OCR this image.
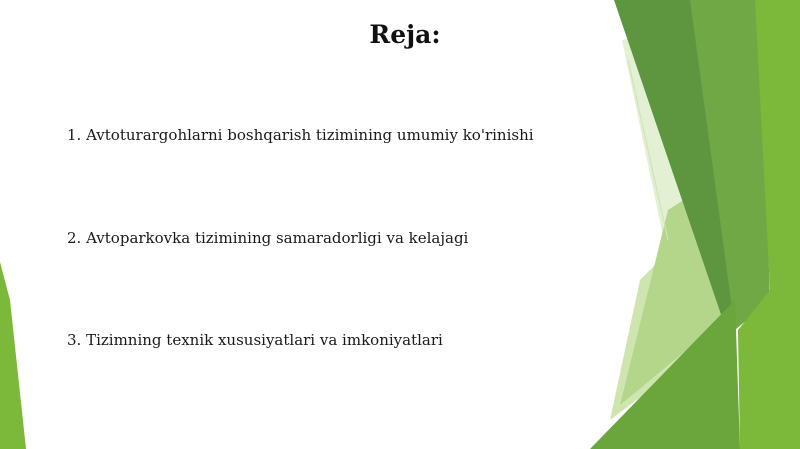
Reja:
1. Avtoturargohlarni boshqarish tizimining umumiy ko'rinishi
2. Avtoparkovka tizimining samaradorligi va kelajagi
3. Tizimning texnik xususiyatlari va imkoniyatlari
